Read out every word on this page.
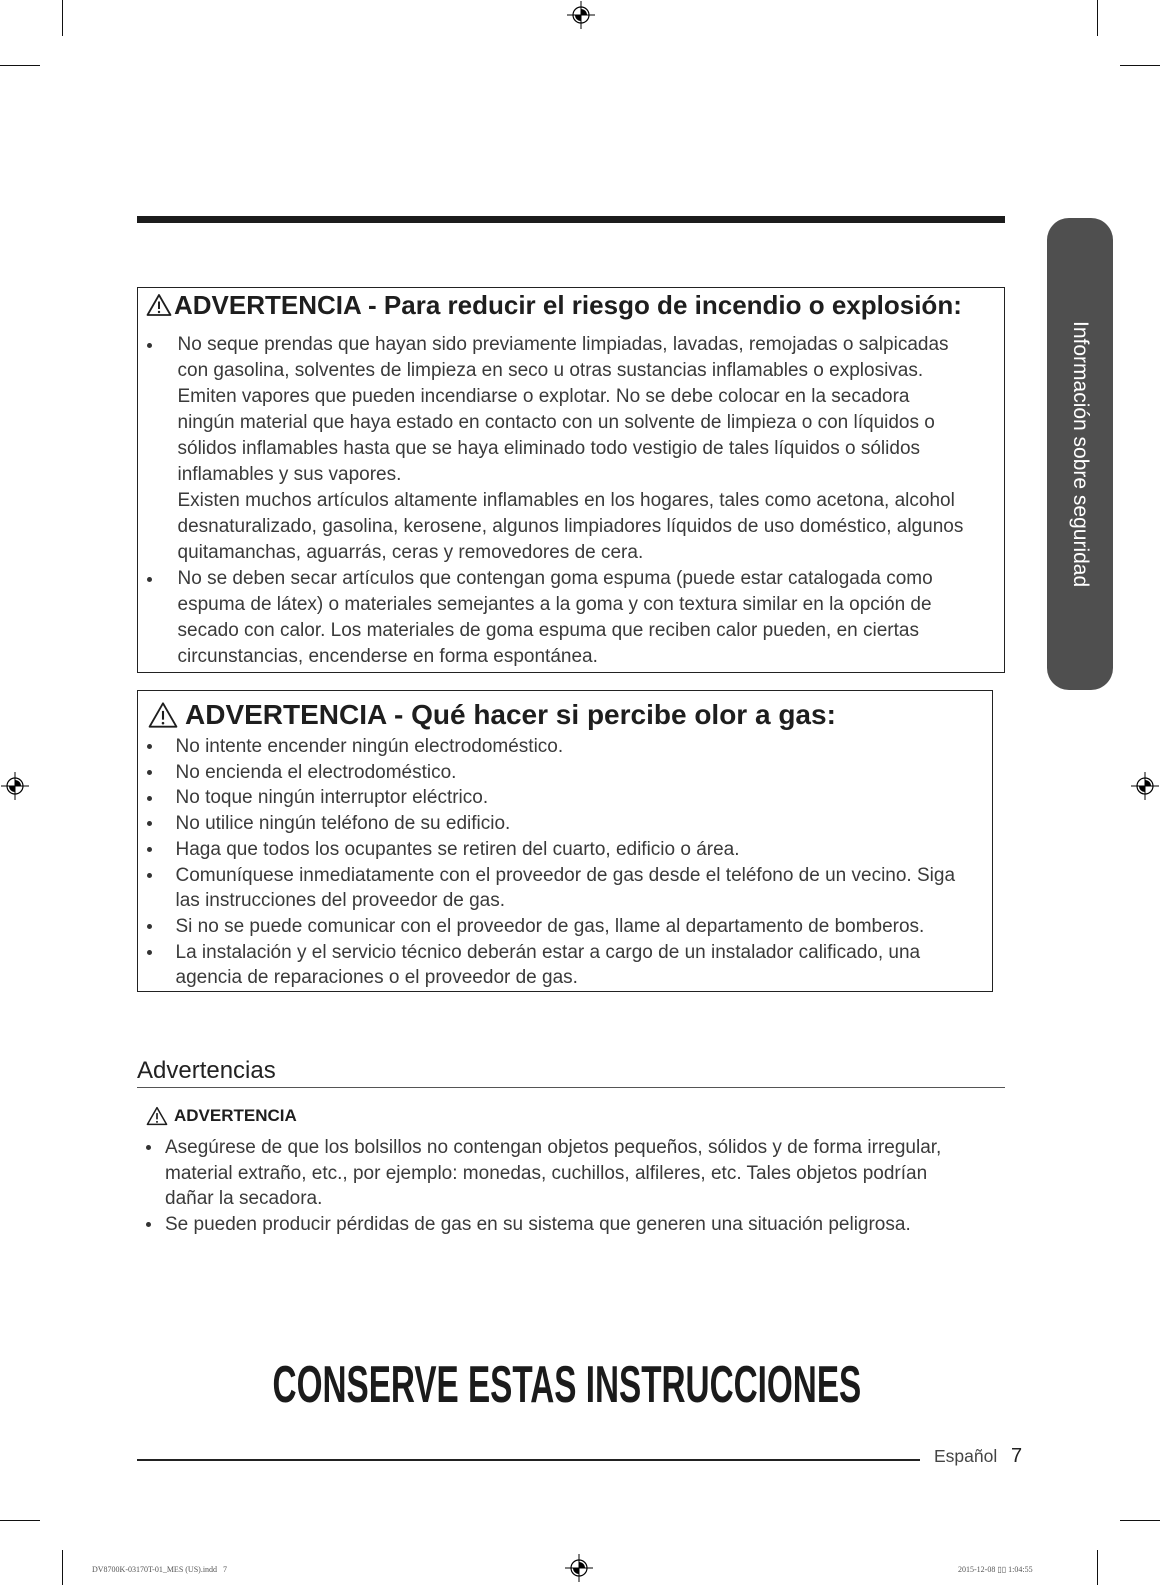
Información sobre seguridad
ADVERTENCIA - Para reducir el riesgo de incendio o explosión:
No seque prendas que hayan sido previamente limpiadas, lavadas, remojadas o salpicadas
con gasolina, solventes de limpieza en seco u otras sustancias inflamables o explosivas.
Emiten vapores que pueden incendiarse o explotar. No se debe colocar en la secadora
ningún material que haya estado en contacto con un solvente de limpieza o con líquidos o
sólidos inflamables hasta que se haya eliminado todo vestigio de tales líquidos o sólidos
inflamables y sus vapores.
Existen muchos artículos altamente inflamables en los hogares, tales como acetona, alcohol
desnaturalizado, gasolina, kerosene, algunos limpiadores líquidos de uso doméstico, algunos
quitamanchas, aguarrás, ceras y removedores de cera.
No se deben secar artículos que contengan goma espuma (puede estar catalogada como
espuma de látex) o materiales semejantes a la goma y con textura similar en la opción de
secado con calor. Los materiales de goma espuma que reciben calor pueden, en ciertas
circunstancias, encenderse en forma espontánea.
ADVERTENCIA - Qué hacer si percibe olor a gas:
No intente encender ningún electrodoméstico.
No encienda el electrodoméstico.
No toque ningún interruptor eléctrico.
No utilice ningún teléfono de su edificio.
Haga que todos los ocupantes se retiren del cuarto, edificio o área.
Comuníquese inmediatamente con el proveedor de gas desde el teléfono de un vecino. Siga
las instrucciones del proveedor de gas.
Si no se puede comunicar con el proveedor de gas, llame al departamento de bomberos.
La instalación y el servicio técnico deberán estar a cargo de un instalador calificado, una
agencia de reparaciones o el proveedor de gas.
Advertencias
ADVERTENCIA
Asegúrese de que los bolsillos no contengan objetos pequeños, sólidos y de forma irregular,
material extraño, etc., por ejemplo: monedas, cuchillos, alfileres, etc. Tales objetos podrían
dañar la secadora.
Se pueden producir pérdidas de gas en su sistema que generen una situación peligrosa.
CONSERVE ESTAS INSTRUCCIONES
Español 7
DV8700K-03170T-01_MES (US).indd   7	2015-12-08 ▯▯ 1:04:55
